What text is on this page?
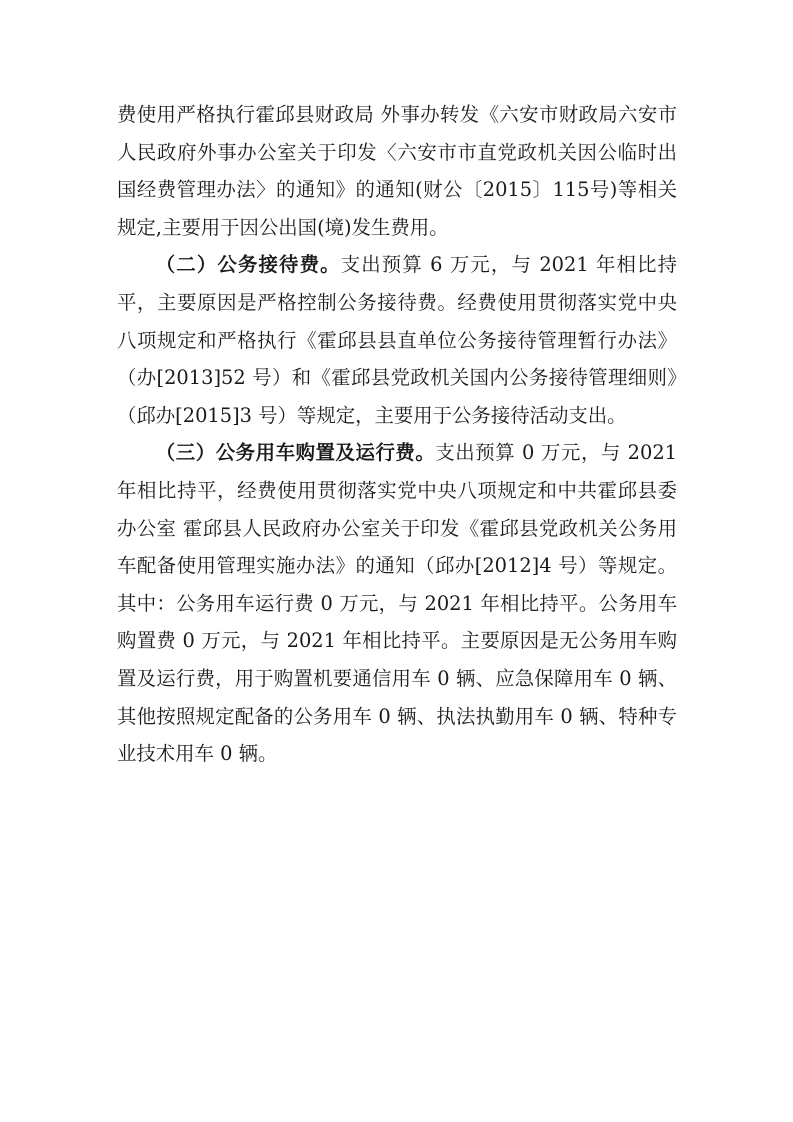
费使用严格执行霍邱县财政局 外事办转发《六安市财政局六安市人民政府外事办公室关于印发〈六安市市直党政机关因公临时出国经费管理办法〉的通知》的通知(财公〔2015〕115号)等相关规定,主要用于因公出国(境)发生费用。

（二）公务接待费。支出预算 6 万元，与 2021 年相比持平，主要原因是严格控制公务接待费。经费使用贯彻落实党中央八项规定和严格执行《霍邱县县直单位公务接待管理暂行办法》（办[2013]52 号）和《霍邱县党政机关国内公务接待管理细则》（邱办[2015]3 号）等规定，主要用于公务接待活动支出。

（三）公务用车购置及运行费。支出预算 0 万元，与 2021 年相比持平，经费使用贯彻落实党中央八项规定和中共霍邱县委办公室 霍邱县人民政府办公室关于印发《霍邱县党政机关公务用车配备使用管理实施办法》的通知（邱办[2012]4 号）等规定。其中：公务用车运行费 0 万元，与 2021 年相比持平。公务用车购置费 0 万元，与 2021 年相比持平。主要原因是无公务用车购置及运行费，用于购置机要通信用车 0 辆、应急保障用车 0 辆、其他按照规定配备的公务用车 0 辆、执法执勤用车 0 辆、特种专业技术用车 0 辆。
